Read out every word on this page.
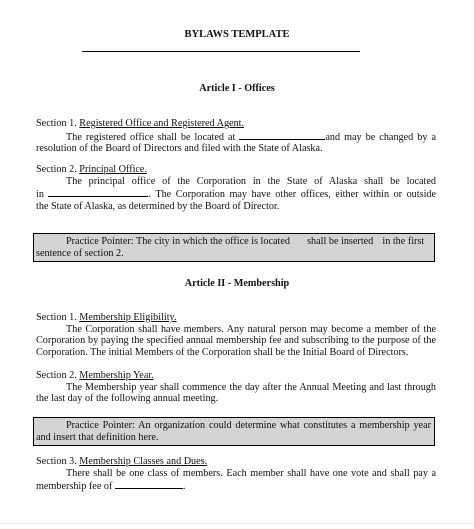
BYLAWS TEMPLATE
Article I - Offices
Section 1. Registered Office and Registered Agent.
The registered office shall be located at	and may be changed by a
resolution of the Board of Directors and filed with the State of Alaska.
Section 2. Principal Office.
The principal office of the Corporation in the State of Alaska shall be located
in	. The Corporation may have other offices, either within or outside
the State of Alaska, as determined by the Board of Director.
Practice Pointer: The city in which the office is located shall be inserted in the first
sentence of section 2.
Article II - Membership
Section 1. Membership Eligibility.
The Corporation shall have members. Any natural person may become a member of the
Corporation by paying the specified annual membership fee and subscribing to the purpose of the
Corporation. The initial Members of the Corporation shall be the Initial Board of Directors.
Section 2. Membership Year.
The Membership year shall commence the day after the Annual Meeting and last through
the last day of the following annual meeting.
Practice Pointer: An organization could determine what constitutes a membership year
and insert that definition here.
Section 3. Membership Classes and Dues.
There shall be one class of members. Each member shall have one vote and shall pay a
membership fee of	.
